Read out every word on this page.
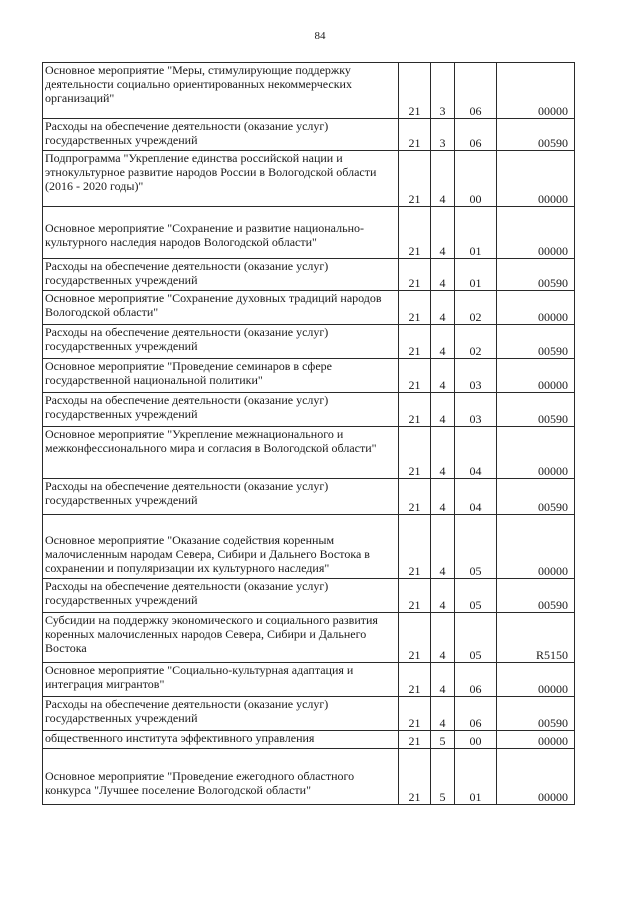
84
Основное мероприятие "Меры, стимулирующие поддержку деятельности социально ориентированных некоммерческих организаций"	21	3	06	00000
Расходы на обеспечение деятельности (оказание услуг) государственных учреждений	21	3	06	00590
Подпрограмма "Укрепление единства российской нации и этнокультурное развитие народов России в Вологодской области (2016 - 2020 годы)"	21	4	00	00000
Основное мероприятие "Сохранение и развитие национально-культурного наследия народов Вологодской области"	21	4	01	00000
Расходы на обеспечение деятельности (оказание услуг) государственных учреждений	21	4	01	00590
Основное мероприятие "Сохранение духовных традиций народов Вологодской области"	21	4	02	00000
Расходы на обеспечение деятельности (оказание услуг) государственных учреждений	21	4	02	00590
Основное мероприятие "Проведение семинаров в сфере государственной национальной политики"	21	4	03	00000
Расходы на обеспечение деятельности (оказание услуг) государственных учреждений	21	4	03	00590
Основное мероприятие "Укрепление межнационального и межконфессионального мира и согласия в Вологодской области"	21	4	04	00000
Расходы на обеспечение деятельности (оказание услуг) государственных учреждений	21	4	04	00590
Основное мероприятие "Оказание содействия коренным малочисленным народам Севера, Сибири и Дальнего Востока в сохранении и популяризации их культурного наследия"	21	4	05	00000
Расходы на обеспечение деятельности (оказание услуг) государственных учреждений	21	4	05	00590
Субсидии на поддержку экономического и социального развития коренных малочисленных народов Севера, Сибири и Дальнего Востока	21	4	05	R5150
Основное мероприятие "Социально-культурная адаптация и интеграция мигрантов"	21	4	06	00000
Расходы на обеспечение деятельности (оказание услуг) государственных учреждений	21	4	06	00590
общественного института эффективного управления	21	5	00	00000
Основное мероприятие "Проведение ежегодного областного конкурса "Лучшее поселение Вологодской области"	21	5	01	00000
